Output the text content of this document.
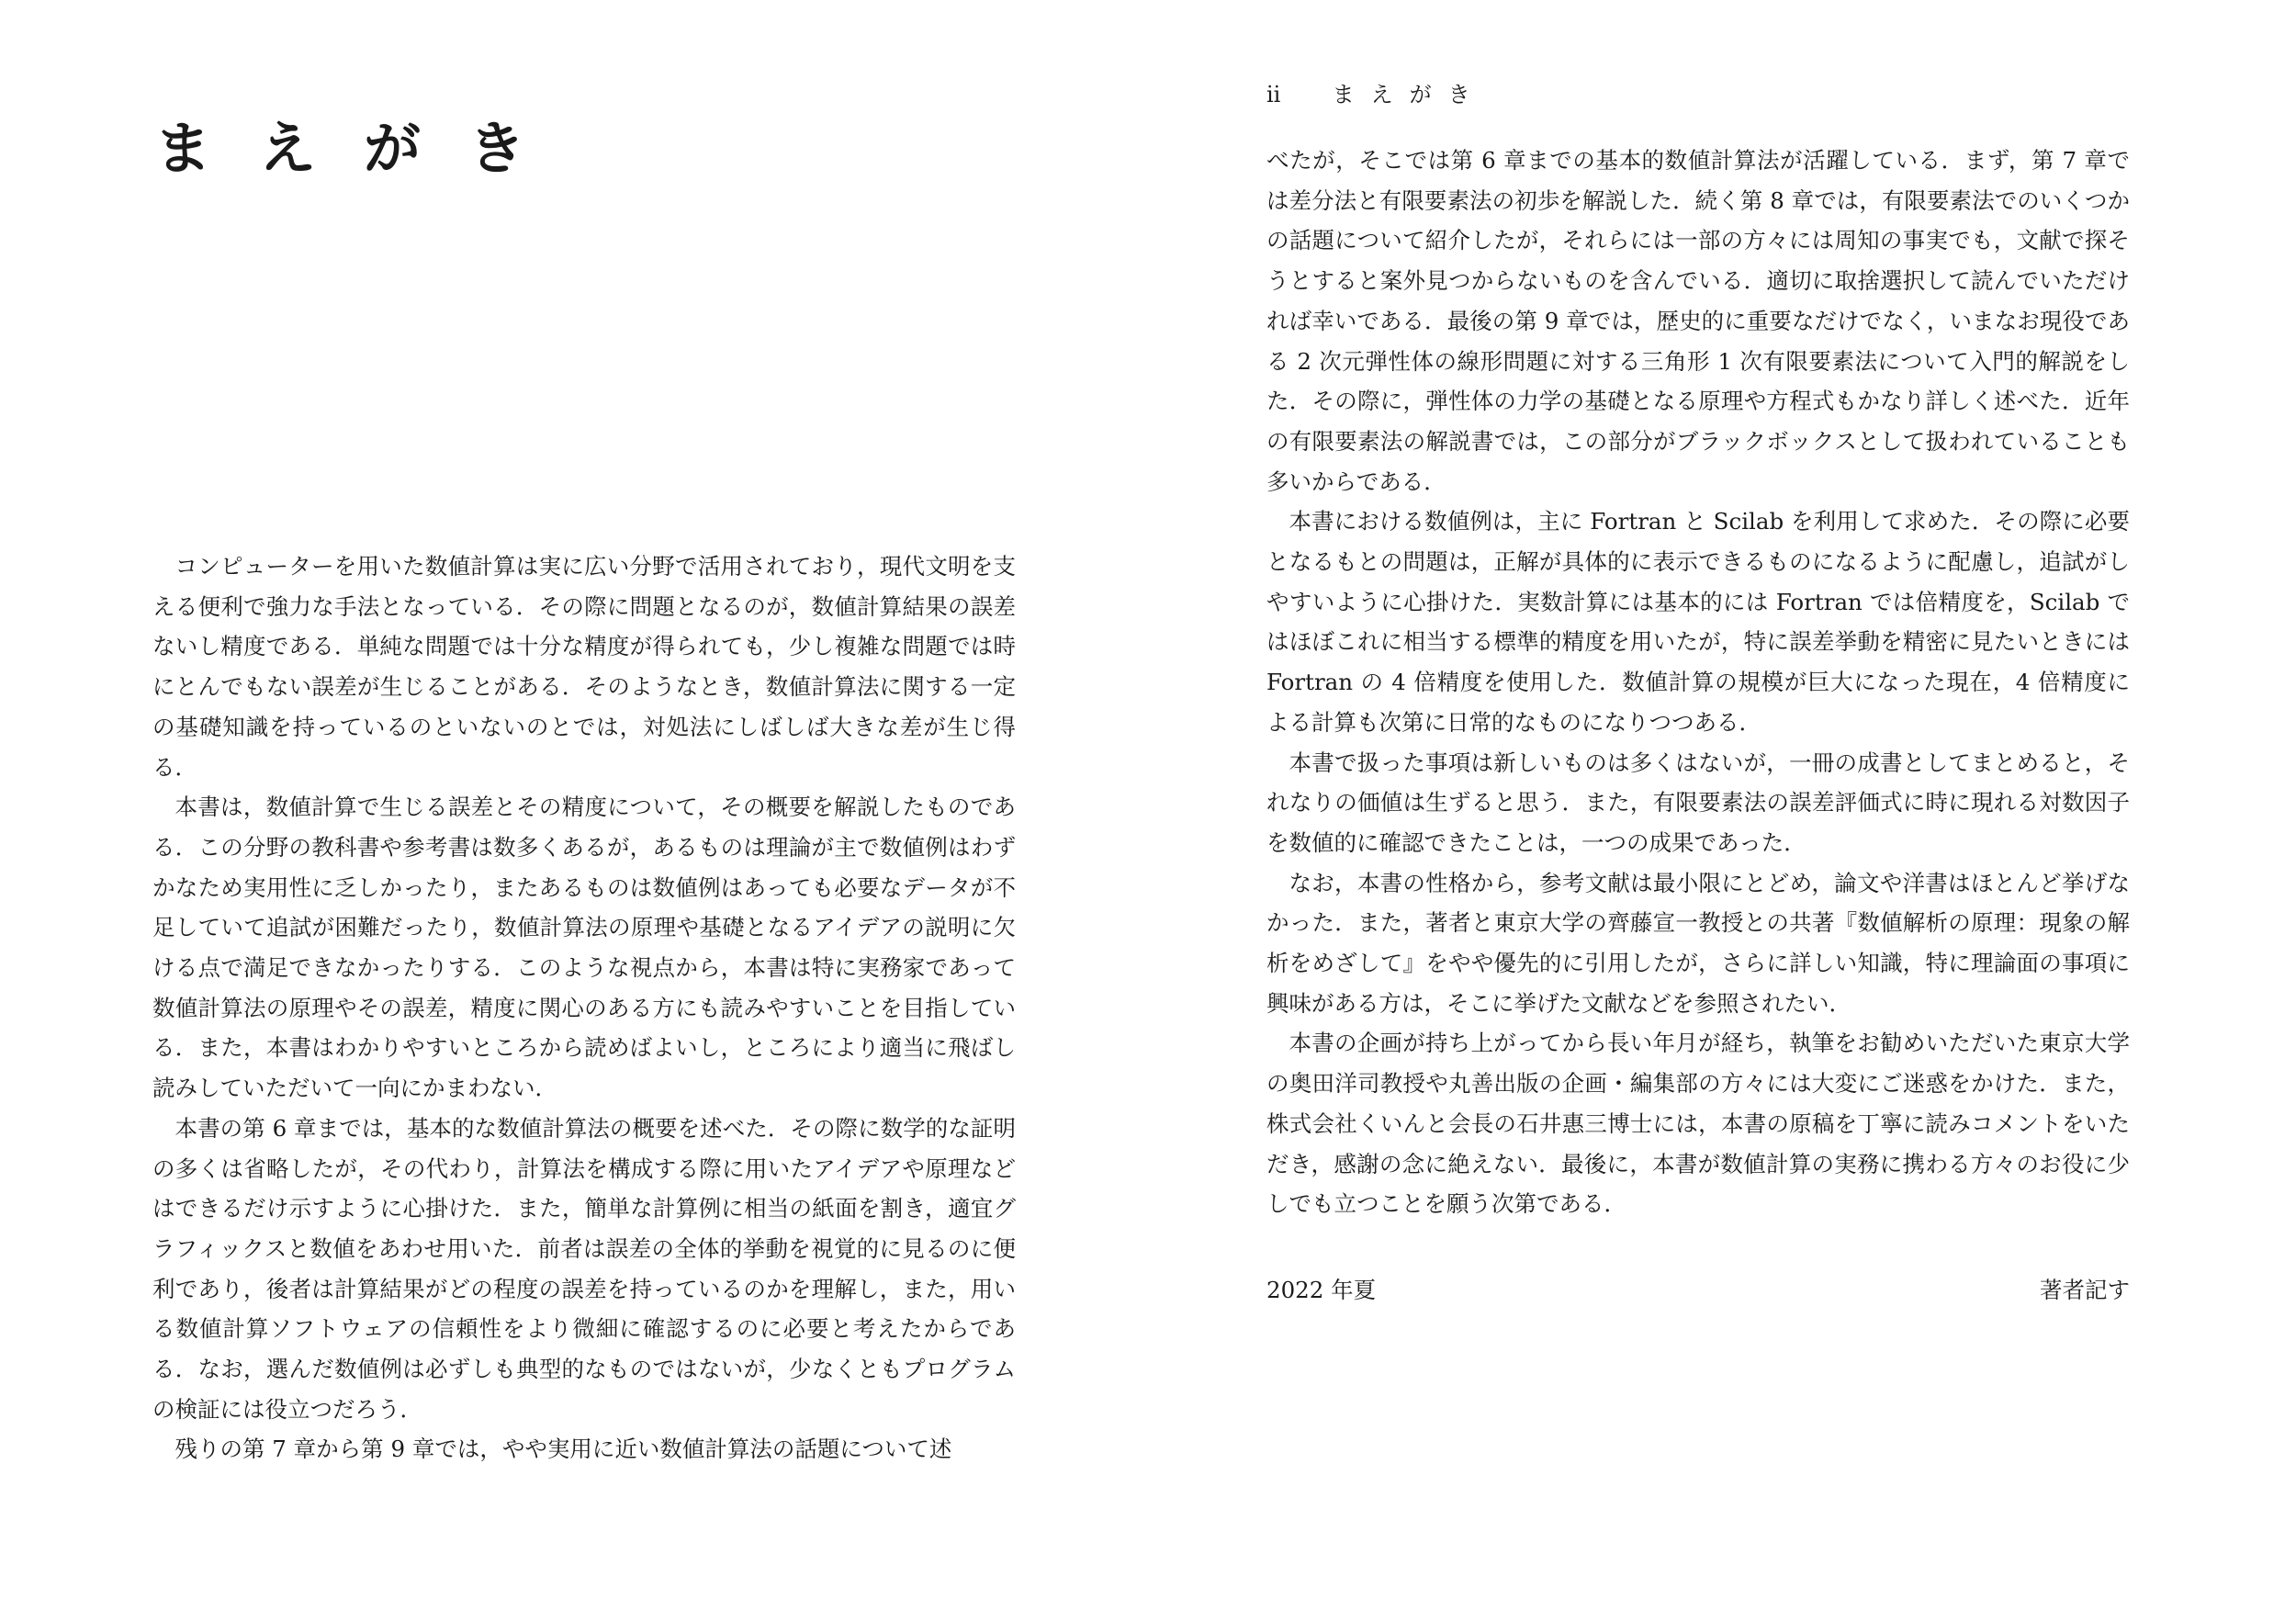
まえがき

コンピューターを用いた数値計算は実に広い分野で活用されており，現代文明を支える便利で強力な手法となっている．その際に問題となるのが，数値計算結果の誤差ないし精度である．単純な問題では十分な精度が得られても，少し複雑な問題では時にとんでもない誤差が生じることがある．そのようなとき，数値計算法に関する一定の基礎知識を持っているのといないのとでは，対処法にしばしば大きな差が生じ得る．

本書は，数値計算で生じる誤差とその精度について，その概要を解説したものである．この分野の教科書や参考書は数多くあるが，あるものは理論が主で数値例はわずかなため実用性に乏しかったり，またあるものは数値例はあっても必要なデータが不足していて追試が困難だったり，数値計算法の原理や基礎となるアイデアの説明に欠ける点で満足できなかったりする．このような視点から，本書は特に実務家であって数値計算法の原理やその誤差，精度に関心のある方にも読みやすいことを目指している．また，本書はわかりやすいところから読めばよいし，ところにより適当に飛ばし読みしていただいて一向にかまわない．

本書の第 6 章までは，基本的な数値計算法の概要を述べた．その際に数学的な証明の多くは省略したが，その代わり，計算法を構成する際に用いたアイデアや原理などはできるだけ示すように心掛けた．また，簡単な計算例に相当の紙面を割き，適宜グラフィックスと数値をあわせ用いた．前者は誤差の全体的挙動を視覚的に見るのに便利であり，後者は計算結果がどの程度の誤差を持っているのかを理解し，また，用いる数値計算ソフトウェアの信頼性をより微細に確認するのに必要と考えたからである．なお，選んだ数値例は必ずしも典型的なものではないが，少なくともプログラムの検証には役立つだろう．

残りの第 7 章から第 9 章では，やや実用に近い数値計算法の話題について述

ii まえがき

べたが，そこでは第 6 章までの基本的数値計算法が活躍している．まず，第 7 章では差分法と有限要素法の初歩を解説した．続く第 8 章では，有限要素法でのいくつかの話題について紹介したが，それらには一部の方々には周知の事実でも，文献で探そうとすると案外見つからないものを含んでいる．適切に取捨選択して読んでいただければ幸いである．最後の第 9 章では，歴史的に重要なだけでなく，いまなお現役である 2 次元弾性体の線形問題に対する三角形 1 次有限要素法について入門的解説をした．その際に，弾性体の力学の基礎となる原理や方程式もかなり詳しく述べた．近年の有限要素法の解説書では，この部分がブラックボックスとして扱われていることも多いからである．

本書における数値例は，主に Fortran と Scilab を利用して求めた．その際に必要となるもとの問題は，正解が具体的に表示できるものになるように配慮し，追試がしやすいように心掛けた．実数計算には基本的には Fortran では倍精度を，Scilab ではほぼこれに相当する標準的精度を用いたが，特に誤差挙動を精密に見たいときには Fortran の 4 倍精度を使用した．数値計算の規模が巨大になった現在，4 倍精度による計算も次第に日常的なものになりつつある．

本書で扱った事項は新しいものは多くはないが，一冊の成書としてまとめると，それなりの価値は生ずると思う．また，有限要素法の誤差評価式に時に現れる対数因子を数値的に確認できたことは，一つの成果であった．

なお，本書の性格から，参考文献は最小限にとどめ，論文や洋書はほとんど挙げなかった．また，著者と東京大学の齊藤宣一教授との共著『数値解析の原理：現象の解析をめざして』をやや優先的に引用したが，さらに詳しい知識，特に理論面の事項に興味がある方は，そこに挙げた文献などを参照されたい．

本書の企画が持ち上がってから長い年月が経ち，執筆をお勧めいただいた東京大学の奥田洋司教授や丸善出版の企画・編集部の方々には大変にご迷惑をかけた．また，株式会社くいんと会長の石井惠三博士には，本書の原稿を丁寧に読みコメントをいただき，感謝の念に絶えない．最後に，本書が数値計算の実務に携わる方々のお役に少しでも立つことを願う次第である．

2022 年夏	著者記す
